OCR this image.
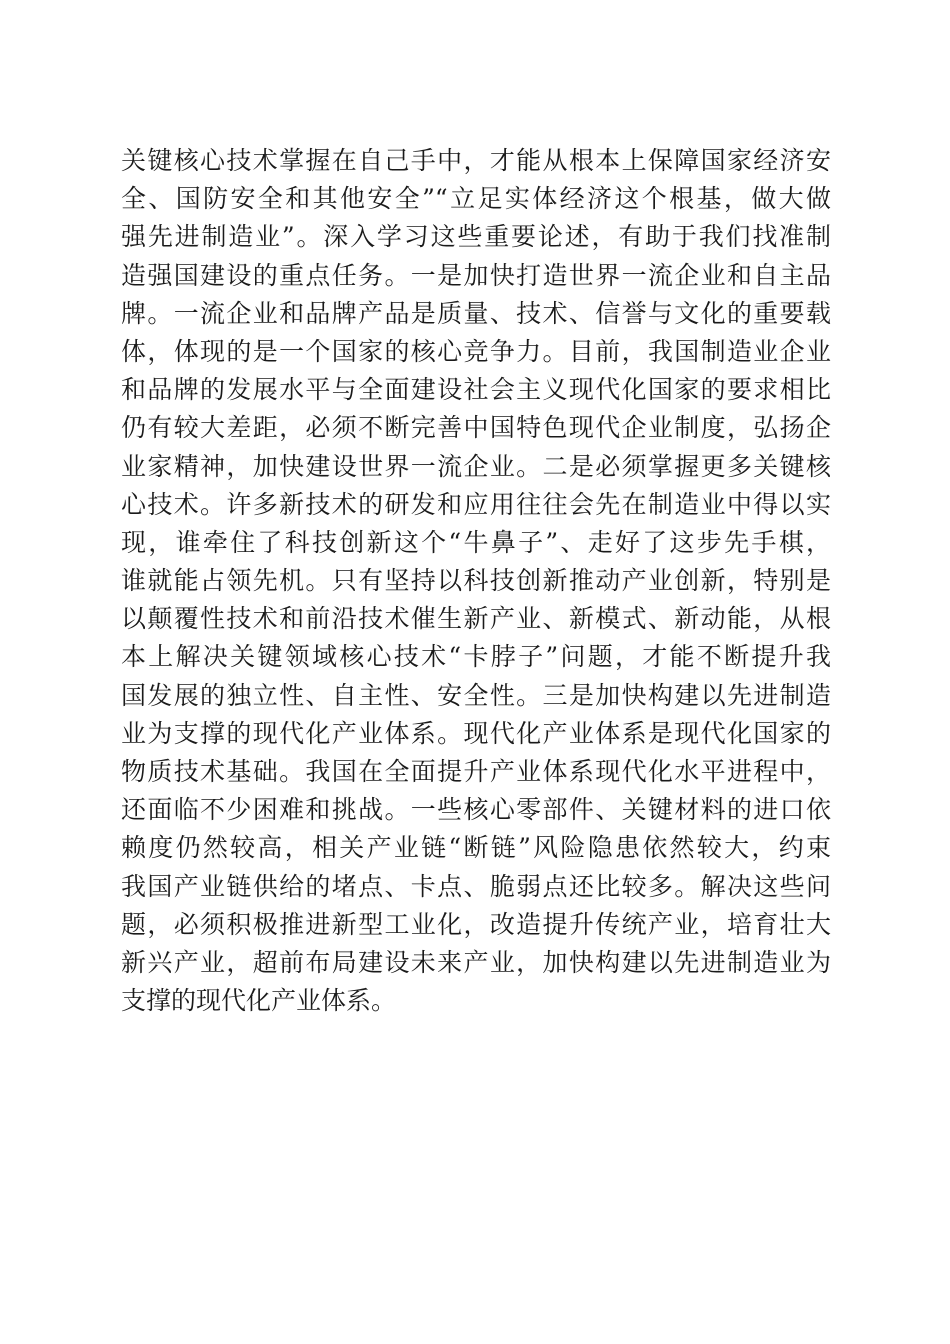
关键核心技术掌握在自己手中，才能从根本上保障国家经济安
全、国防安全和其他安全”“立足实体经济这个根基，做大做
强先进制造业”。深入学习这些重要论述，有助于我们找准制
造强国建设的重点任务。一是加快打造世界一流企业和自主品
牌。一流企业和品牌产品是质量、技术、信誉与文化的重要载
体，体现的是一个国家的核心竞争力。目前，我国制造业企业
和品牌的发展水平与全面建设社会主义现代化国家的要求相比
仍有较大差距，必须不断完善中国特色现代企业制度，弘扬企
业家精神，加快建设世界一流企业。二是必须掌握更多关键核
心技术。许多新技术的研发和应用往往会先在制造业中得以实
现，谁牵住了科技创新这个“牛鼻子”、走好了这步先手棋，
谁就能占领先机。只有坚持以科技创新推动产业创新，特别是
以颠覆性技术和前沿技术催生新产业、新模式、新动能，从根
本上解决关键领域核心技术“卡脖子”问题，才能不断提升我
国发展的独立性、自主性、安全性。三是加快构建以先进制造
业为支撑的现代化产业体系。现代化产业体系是现代化国家的
物质技术基础。我国在全面提升产业体系现代化水平进程中，
还面临不少困难和挑战。一些核心零部件、关键材料的进口依
赖度仍然较高，相关产业链“断链”风险隐患依然较大，约束
我国产业链供给的堵点、卡点、脆弱点还比较多。解决这些问
题，必须积极推进新型工业化，改造提升传统产业，培育壮大
新兴产业，超前布局建设未来产业，加快构建以先进制造业为
支撑的现代化产业体系。
